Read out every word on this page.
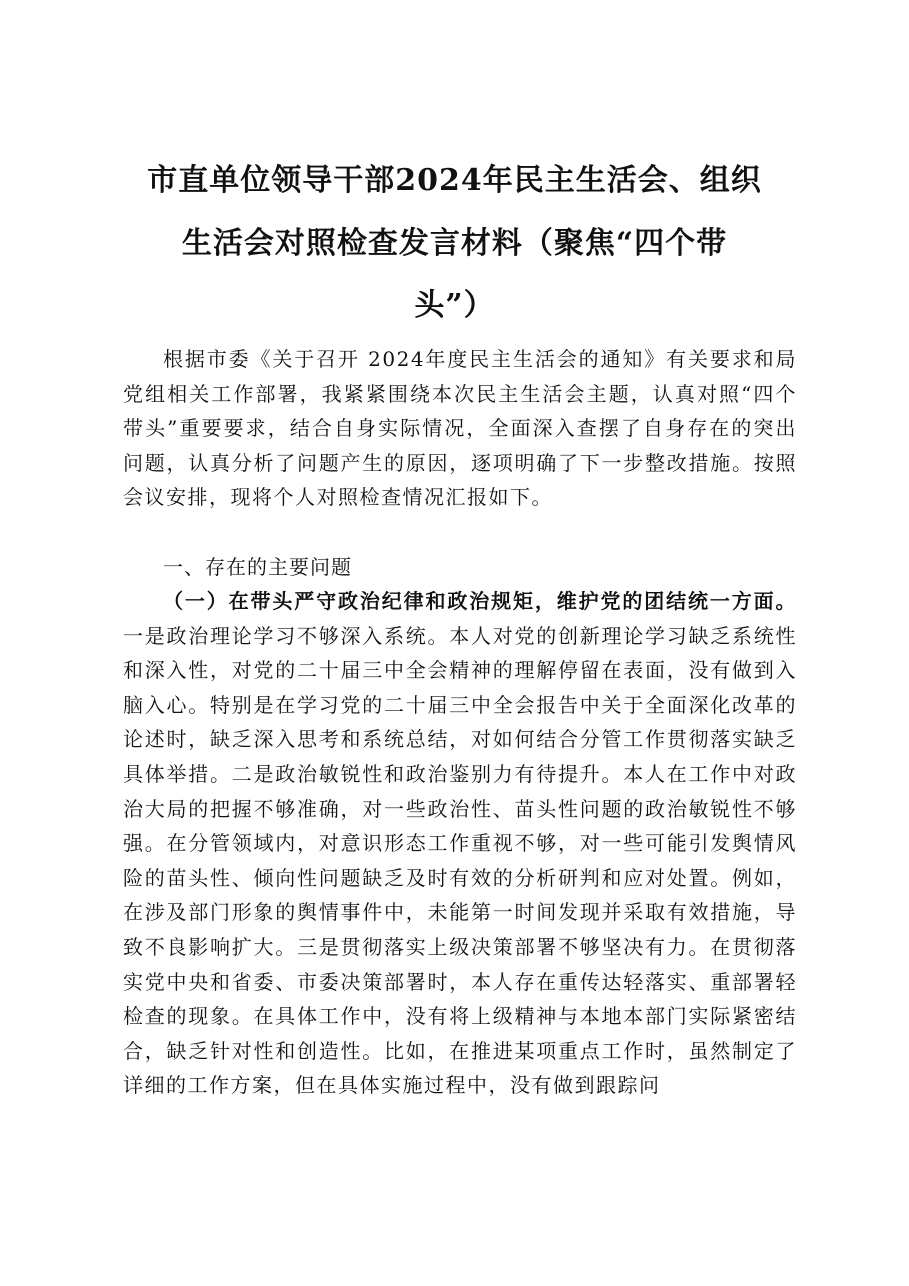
市直单位领导干部2024年民主生活会、组织
生活会对照检查发言材料（聚焦“四个带
头”）

根据市委《关于召开 2024年度民主生活会的通知》有关要求和局党组相关工作部署，我紧紧围绕本次民主生活会主题，认真对照“四个带头”重要要求，结合自身实际情况，全面深入查摆了自身存在的突出问题，认真分析了问题产生的原因，逐项明确了下一步整改措施。按照会议安排，现将个人对照检查情况汇报如下。

一、存在的主要问题

（一）在带头严守政治纪律和政治规矩，维护党的团结统一方面。一是政治理论学习不够深入系统。本人对党的创新理论学习缺乏系统性和深入性，对党的二十届三中全会精神的理解停留在表面，没有做到入脑入心。特别是在学习党的二十届三中全会报告中关于全面深化改革的论述时，缺乏深入思考和系统总结，对如何结合分管工作贯彻落实缺乏具体举措。二是政治敏锐性和政治鉴别力有待提升。本人在工作中对政治大局的把握不够准确，对一些政治性、苗头性问题的政治敏锐性不够强。在分管领域内，对意识形态工作重视不够，对一些可能引发舆情风险的苗头性、倾向性问题缺乏及时有效的分析研判和应对处置。例如，在涉及部门形象的舆情事件中，未能第一时间发现并采取有效措施，导致不良影响扩大。三是贯彻落实上级决策部署不够坚决有力。在贯彻落实党中央和省委、市委决策部署时，本人存在重传达轻落实、重部署轻检查的现象。在具体工作中，没有将上级精神与本地本部门实际紧密结合，缺乏针对性和创造性。比如，在推进某项重点工作时，虽然制定了详细的工作方案，但在具体实施过程中，没有做到跟踪问
